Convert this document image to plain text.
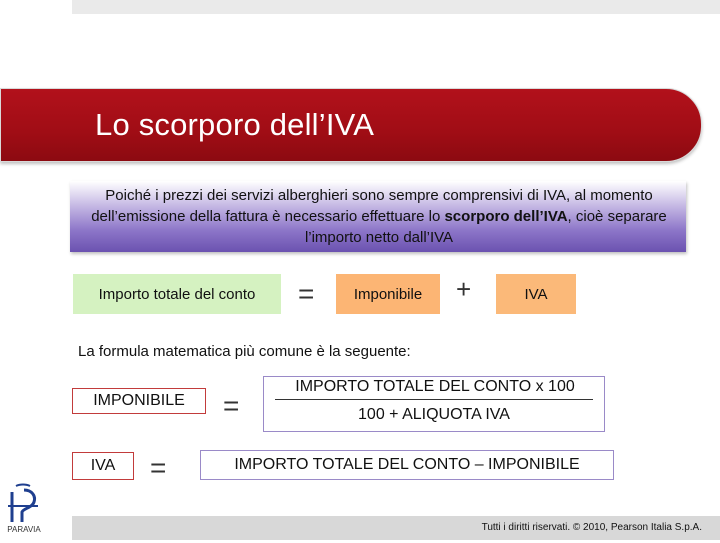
Lo scorporo dell’IVA
Poiché i prezzi dei servizi alberghieri sono sempre comprensivi di IVA, al momento dell’emissione della fattura è necessario effettuare lo scorporo dell’IVA, cioè separare l’importo netto dall’IVA
Importo totale del conto	=	Imponibile	+	IVA
La formula matematica più comune è la seguente:
IMPONIBILE	=
IMPORTO TOTALE DEL CONTO x 100
100 + ALIQUOTA IVA
IVA	=	IMPORTO TOTALE DEL CONTO – IMPONIBILE
Tutti i diritti riservati. © 2010, Pearson Italia S.p.A.
PARAVIA
